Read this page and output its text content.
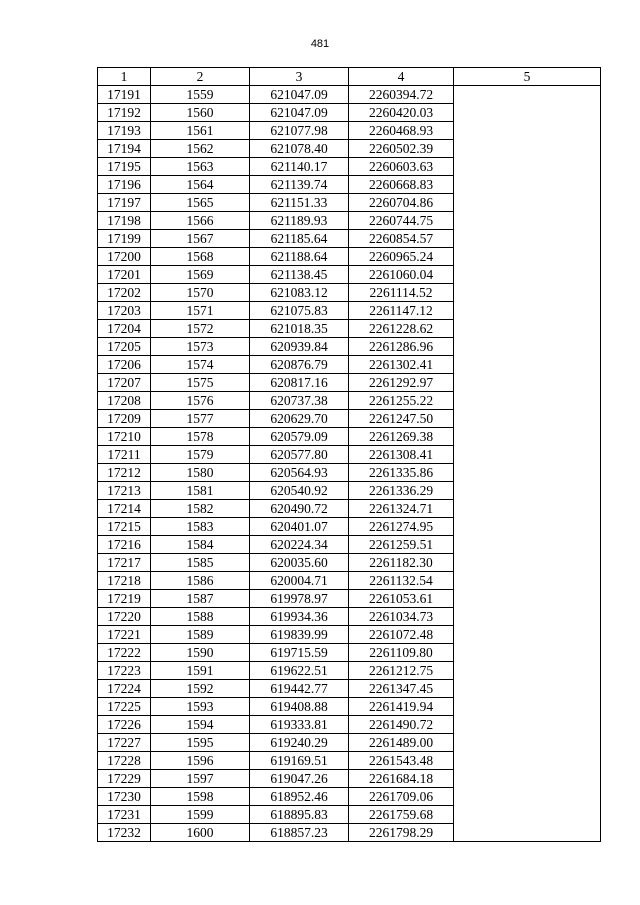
481
1	2	3	4	5
17191	1559	621047.09	2260394.72	
17192	1560	621047.09	2260420.03	
17193	1561	621077.98	2260468.93	
17194	1562	621078.40	2260502.39	
17195	1563	621140.17	2260603.63	
17196	1564	621139.74	2260668.83	
17197	1565	621151.33	2260704.86	
17198	1566	621189.93	2260744.75	
17199	1567	621185.64	2260854.57	
17200	1568	621188.64	2260965.24	
17201	1569	621138.45	2261060.04	
17202	1570	621083.12	2261114.52	
17203	1571	621075.83	2261147.12	
17204	1572	621018.35	2261228.62	
17205	1573	620939.84	2261286.96	
17206	1574	620876.79	2261302.41	
17207	1575	620817.16	2261292.97	
17208	1576	620737.38	2261255.22	
17209	1577	620629.70	2261247.50	
17210	1578	620579.09	2261269.38	
17211	1579	620577.80	2261308.41	
17212	1580	620564.93	2261335.86	
17213	1581	620540.92	2261336.29	
17214	1582	620490.72	2261324.71	
17215	1583	620401.07	2261274.95	
17216	1584	620224.34	2261259.51	
17217	1585	620035.60	2261182.30	
17218	1586	620004.71	2261132.54	
17219	1587	619978.97	2261053.61	
17220	1588	619934.36	2261034.73	
17221	1589	619839.99	2261072.48	
17222	1590	619715.59	2261109.80	
17223	1591	619622.51	2261212.75	
17224	1592	619442.77	2261347.45	
17225	1593	619408.88	2261419.94	
17226	1594	619333.81	2261490.72	
17227	1595	619240.29	2261489.00	
17228	1596	619169.51	2261543.48	
17229	1597	619047.26	2261684.18	
17230	1598	618952.46	2261709.06	
17231	1599	618895.83	2261759.68	
17232	1600	618857.23	2261798.29	
